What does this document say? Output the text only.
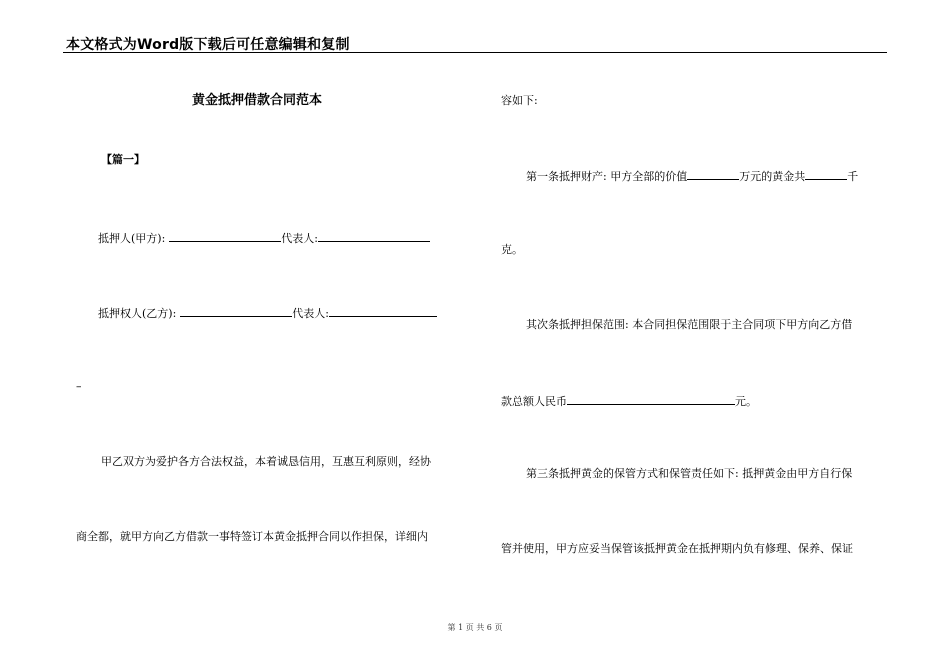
本文格式为Word版下载后可任意编辑和复制
黄金抵押借款合同范本
【篇一】
抵押人(甲方):	代表人:
抵押权人(乙方):	代表人:
–
甲乙双方为爱护各方合法权益，本着诚恳信用，互惠互利原则，经协
商全都，就甲方向乙方借款一事特签订本黄金抵押合同以作担保，详细内
容如下:
第一条抵押财产: 甲方全部的价值	万元的黄金共	千
克。
其次条抵押担保范围: 本合同担保范围限于主合同项下甲方向乙方借
款总额人民币	元。
第三条抵押黄金的保管方式和保管责任如下: 抵押黄金由甲方自行保
管并使用，甲方应妥当保管该抵押黄金在抵押期内负有修理、保养、保证
第 1 页 共 6 页
